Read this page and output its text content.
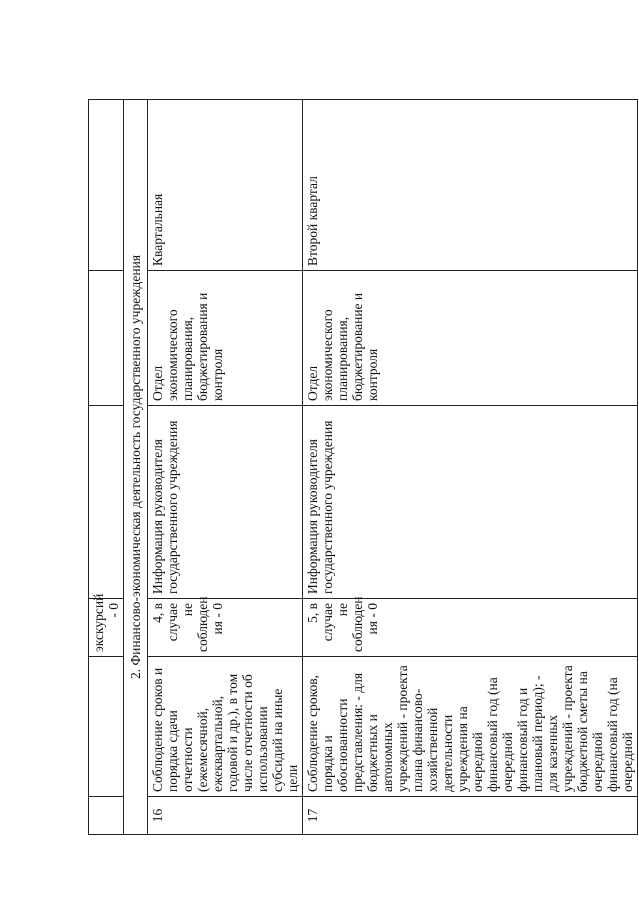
		экскурсий - 0			
2. Финансово-экономическая деятельность государственного учреждения					
16	Соблюдение сроков и порядка сдачи отчетности (ежемесячной, ежеквартальной, годовой и др.), в том числе отчетности об использовании субсидий на иные цели	4, в случае не соблюден ия - 0	Информация руководителя государственного учреждения	Отдел экономического планирования, бюджетирования и контроля	Квартальная
17	Соблюдение сроков, порядка и обоснованности представления: - для бюджетных и автономных учреждений - проекта плана финансово-хозяйственной деятельности учреждения на очередной финансовый год (на очередной финансовый год и плановый период); - для казенных учреждений - проекта бюджетной сметы на очередной финансовый год (на очередной	5, в случае не соблюден ия - 0	Информация руководителя государственного учреждения	Отдел экономического планирования, бюджетирование и контроля	Второй квартал
